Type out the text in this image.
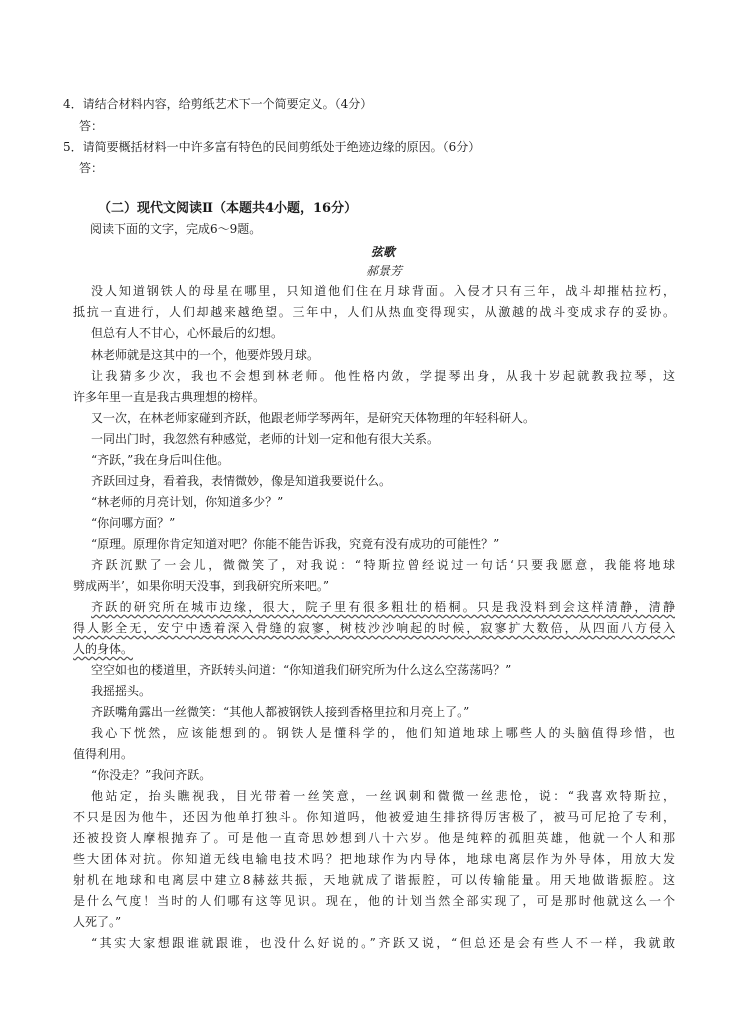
4．请结合材料内容，给剪纸艺术下一个简要定义。（4分）
答：
5．请简要概括材料一中许多富有特色的民间剪纸处于绝迹边缘的原因。（6分）
答：
（二）现代文阅读Ⅱ（本题共4小题，16分）
阅读下面的文字，完成6～9题。
弦歌
郝景芳
没人知道钢铁人的母星在哪里，只知道他们住在月球背面。入侵才只有三年，战斗却摧枯拉朽，
抵抗一直进行，人们却越来越绝望。三年中，人们从热血变得现实，从激越的战斗变成求存的妥协。
但总有人不甘心，心怀最后的幻想。
林老师就是这其中的一个，他要炸毁月球。
让我猜多少次，我也不会想到林老师。他性格内敛，学提琴出身，从我十岁起就教我拉琴，这
许多年里一直是我古典理想的榜样。
又一次，在林老师家碰到齐跃，他跟老师学琴两年，是研究天体物理的年轻科研人。
一同出门时，我忽然有种感觉，老师的计划一定和他有很大关系。
“齐跃，”我在身后叫住他。
齐跃回过身，看着我，表情微妙，像是知道我要说什么。
“林老师的月亮计划，你知道多少？”
“你问哪方面？”
“原理。原理你肯定知道对吧？你能不能告诉我，究竟有没有成功的可能性？”
齐跃沉默了一会儿，微微笑了，对我说：“特斯拉曾经说过一句话‘只要我愿意，我能将地球
劈成两半’，如果你明天没事，到我研究所来吧。”
齐跃的研究所在城市边缘，很大，院子里有很多粗壮的梧桐。只是我没料到会这样清静，清静
得人影全无，安宁中透着深入骨缝的寂寥，树枝沙沙响起的时候，寂寥扩大数倍，从四面八方侵入
人的身体。
空空如也的楼道里，齐跃转头问道：“你知道我们研究所为什么这么空荡荡吗？”
我摇摇头。
齐跃嘴角露出一丝微笑：“其他人都被钢铁人接到香格里拉和月亮上了。”
我心下恍然，应该能想到的。钢铁人是懂科学的，他们知道地球上哪些人的头脑值得珍惜，也
值得利用。
“你没走？”我问齐跃。
他站定，抬头瞧视我，目光带着一丝笑意，一丝讽刺和微微一丝悲怆，说：“我喜欢特斯拉，
不只是因为他牛，还因为他单打独斗。你知道吗，他被爱迪生排挤得厉害极了，被马可尼抢了专利，
还被投资人摩根抛弃了。可是他一直奇思妙想到八十六岁。他是纯粹的孤胆英雄，他就一个人和那
些大团体对抗。你知道无线电输电技术吗？把地球作为内导体，地球电离层作为外导体，用放大发
射机在地球和电离层中建立8赫兹共振，天地就成了谐振腔，可以传输能量。用天地做谐振腔。这
是什么气度！当时的人们哪有这等见识。现在，他的计划当然全部实现了，可是那时他就这么一个
人死了。”
“其实大家想跟谁就跟谁，也没什么好说的。”齐跃又说，“但总还是会有些人不一样，我就敢
